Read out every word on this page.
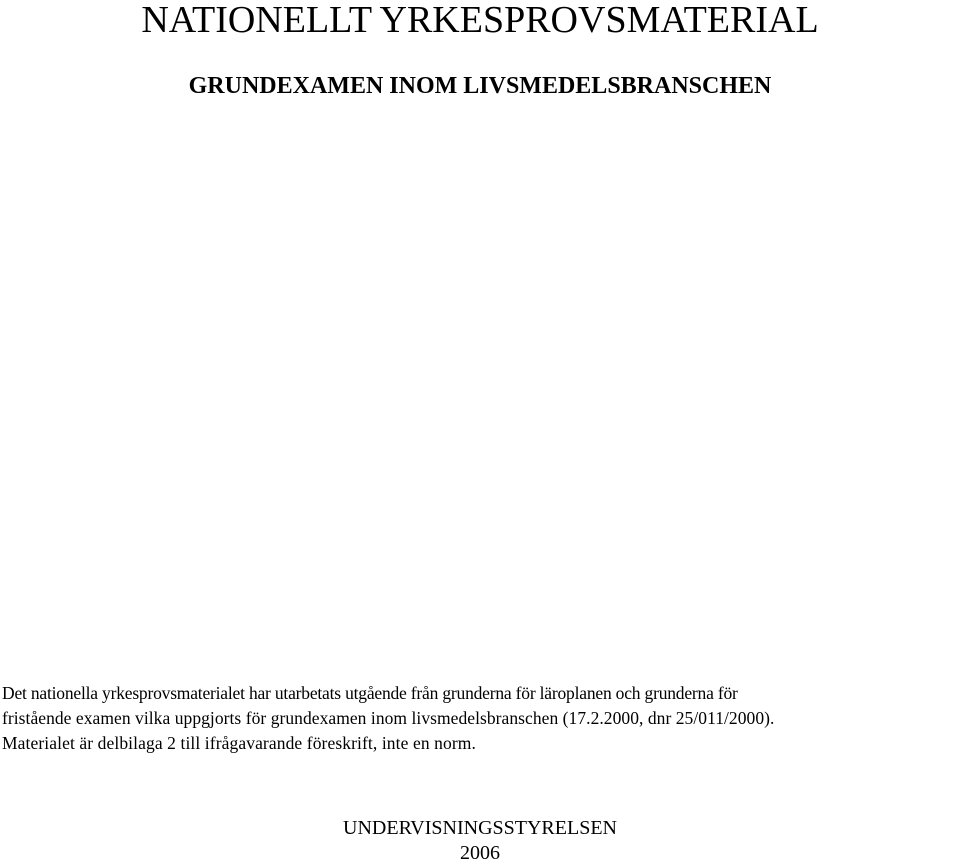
NATIONELLT YRKESPROVSMATERIAL
GRUNDEXAMEN INOM LIVSMEDELSBRANSCHEN

Det nationella yrkesprovsmaterialet har utarbetats utgående från grunderna för läroplanen och grunderna för
fristående examen vilka uppgjorts för grundexamen inom livsmedelsbranschen (17.2.2000, dnr 25/011/2000).
Materialet är delbilaga 2 till ifrågavarande föreskrift, inte en norm.

UNDERVISNINGSSTYRELSEN
2006
